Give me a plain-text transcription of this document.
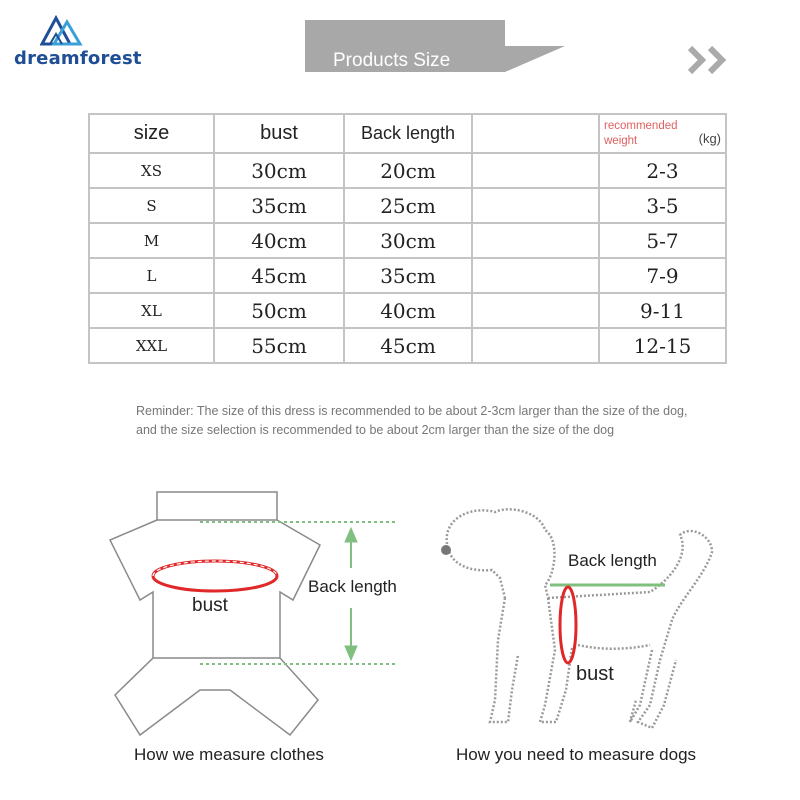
dreamforest	Products Size
size	bust	Back length		recommended weight (kg)

XS	30cm	20cm		2-3
S	35cm	25cm		3-5
M	40cm	30cm		5-7
L	45cm	35cm		7-9
XL	50cm	40cm		9-11
XXL	55cm	45cm		12-15
Reminder: The size of this dress is recommended to be about 2-3cm larger than the size of the dog, and the size selection is recommended to be about 2cm larger than the size of the dog
bust
Back length
How we measure clothes
Back length
bust
How you need to measure dogs
